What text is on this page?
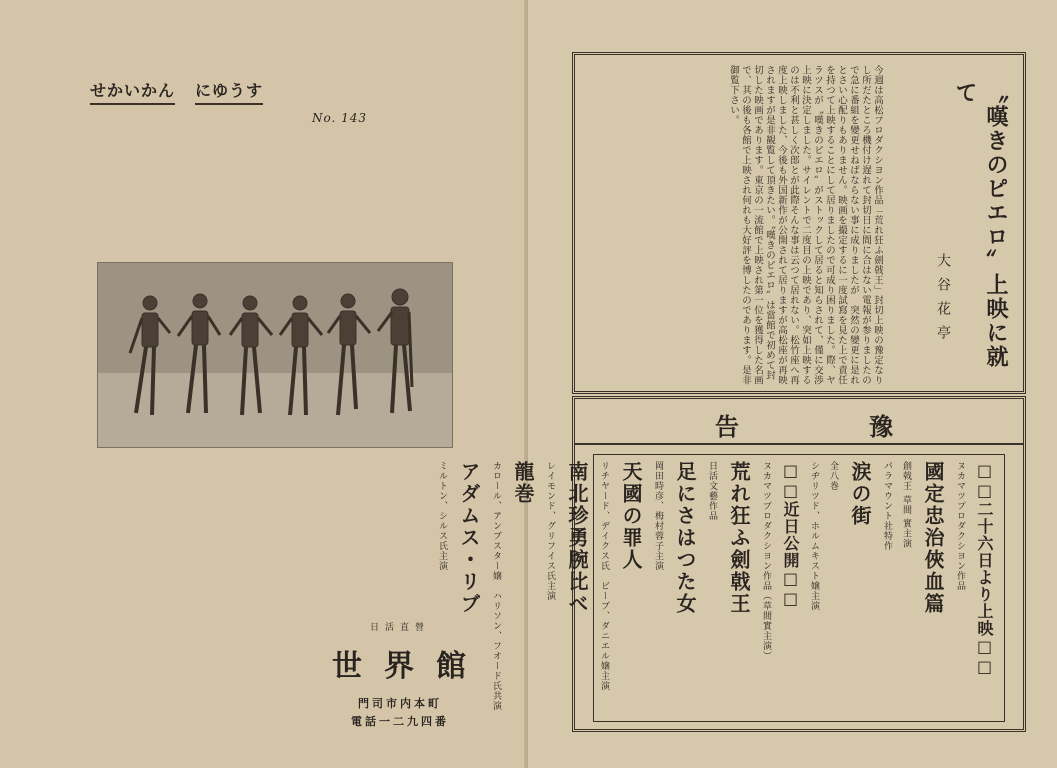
せかいかん にゆうす
No. 143
日活直營
世界館
門司市内本町
電話一二九四番
今週は高松プロダクシヨン作品「荒れ狂ふ劍戟王」封切上映の豫定なりし所だたところ機付け遅れて封切日に間に合はない電報が参りましたので急に番組を變更せねばならない事に成りましたが　突然の變更に是れとさい心配りもありません。映画を撮定するに一度試寫を見た上で責任を持つて上映することにして居りましたので可成り困りました。際、ヤラツスが〝嘆きのピエロ〟がストックして居ると知らされて、僅に交渉上映に決定しました。サイレントで二度目の上映であり、突如上映するのは不利と甚しく次郎とが此際そんな事は云つて居れない。松竹座へ再度上映しました、今後も外国新作が公開されて居りますが高松座が再映されますが是非観覧して頂きたい。〝嘆きのピエロ〟は當館で初めて封切した映画であります。東京の一流館で上映され第一位を獲得した名画で、其の後も各館で上映され何れも大好評を博したのであります。是非御覧下さい。	〝嘆きのピエロ〟上映に就て
大谷花亭
豫
告
□□二十六日より上映□□
ヌカマツプロダクシヨン作品
國定忠治俠血篇
創戟王 草間 實主演
パラマウント社特作
涙の街
全八巻
シヂリツド、ホルムキスト嬢主演
□□近日公開□□
ヌカマツプロダクシヨン作品（草間實主演）
荒れ狂ふ劍戟王
日活文藝作品
足にさはつた女
岡田時彦、梅村蓉子主演
天國の罪人
リチヤード、デイクス氏　ビーブ、ダニエル嬢主演
南北珍勇腕比べ
レイモンド、グリフイス氏主演
龍巻
カロール、アンブスター嬢　ハリソン、フオード氏共演
アダムス・リブ
ミルトン、シルス氏主演
